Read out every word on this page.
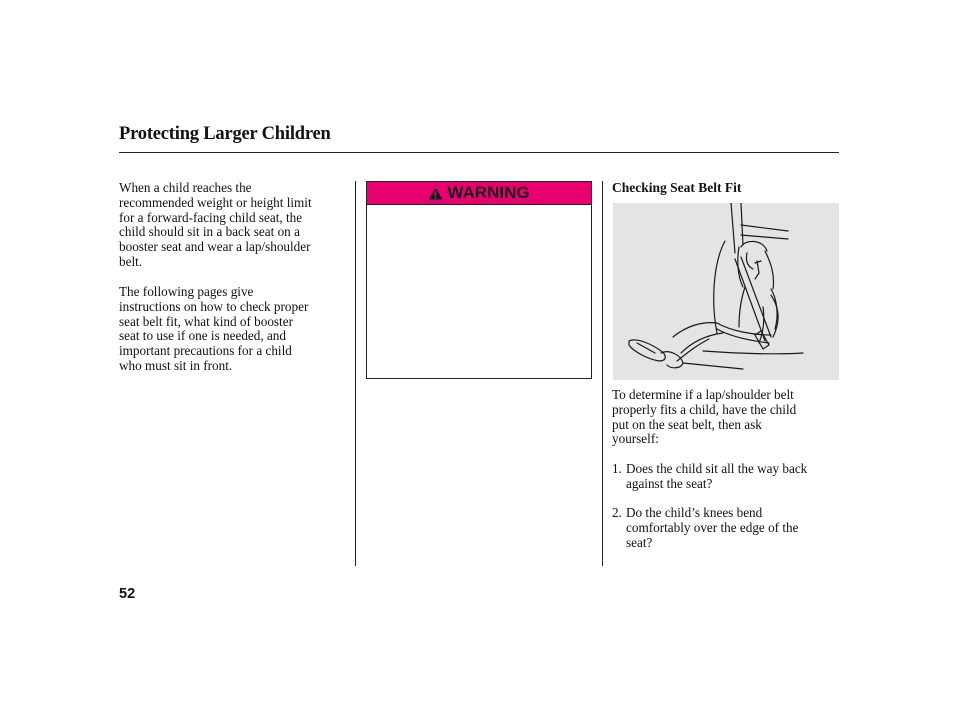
Protecting Larger Children

When a child reaches the
recommended weight or height limit
for a forward-facing child seat, the
child should sit in a back seat on a
booster seat and wear a lap/shoulder
belt.

The following pages give
instructions on how to check proper
seat belt fit, what kind of booster
seat to use if one is needed, and
important precautions for a child
who must sit in front.

WARNING	Checking Seat Belt Fit

To determine if a lap/shoulder belt
properly fits a child, have the child
put on the seat belt, then ask
yourself:

1. Does the child sit all the way back
against the seat?
2. Do the child’s knees bend
comfortably over the edge of the
seat?
52
